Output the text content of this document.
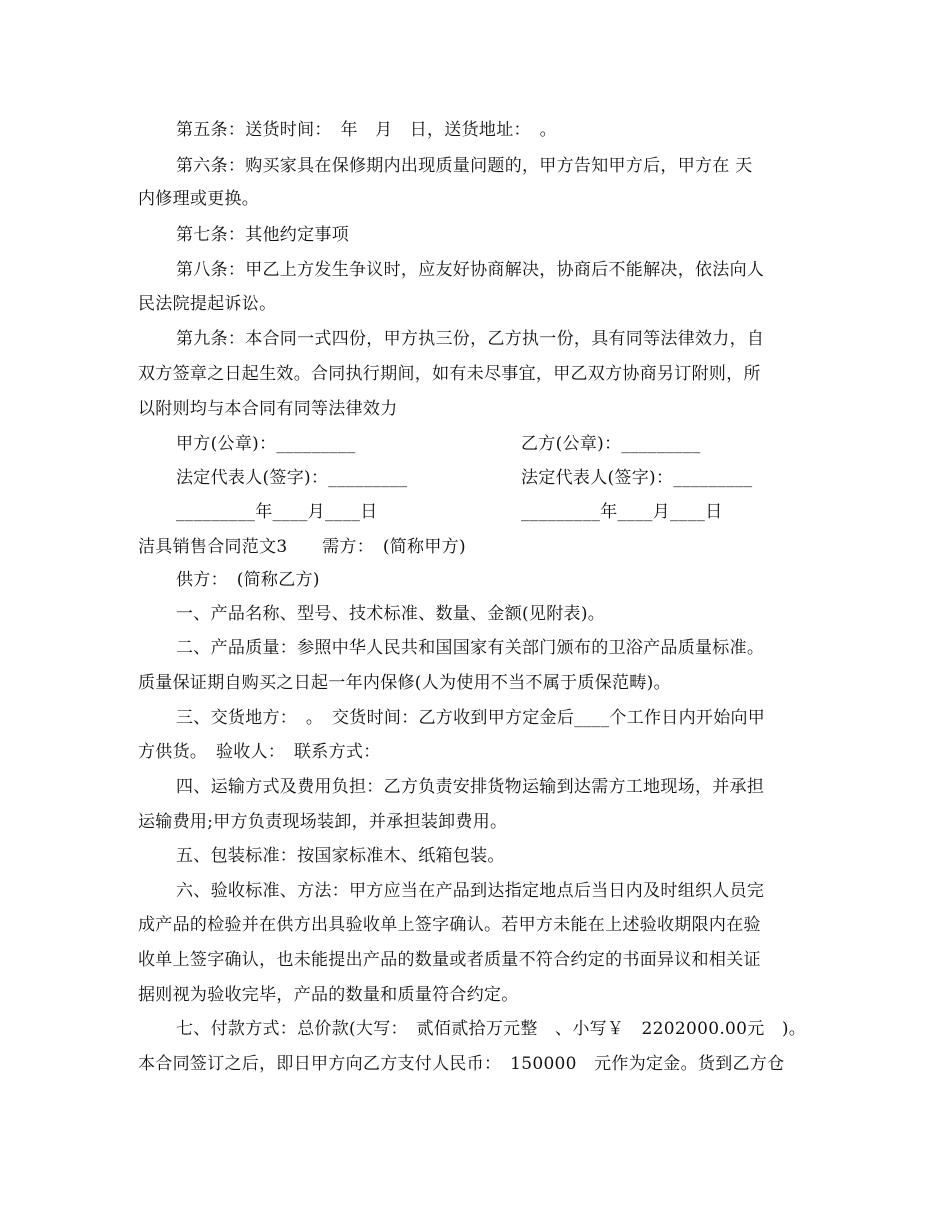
第五条：送货时间：　年　月　日，送货地址：　。
第六条：购买家具在保修期内出现质量问题的，甲方告知甲方后，甲方在 天
内修理或更换。
第七条：其他约定事项
第八条：甲乙上方发生争议时，应友好协商解决，协商后不能解决，依法向人
民法院提起诉讼。
第九条：本合同一式四份，甲方执三份，乙方执一份，具有同等法律效力，自
双方签章之日起生效。合同执行期间，如有未尽事宜，甲乙双方协商另订附则，所
以附则均与本合同有同等法律效力
甲方(公章)：_________	乙方(公章)：_________
法定代表人(签字)：_________	法定代表人(签字)：_________
_________年____月____日	_________年____月____日
洁具销售合同范文3　　需方：　(简称甲方)
供方：　(简称乙方)
一、产品名称、型号、技术标准、数量、金额(见附表)。
二、产品质量：参照中华人民共和国国家有关部门颁布的卫浴产品质量标准。
质量保证期自购买之日起一年内保修(人为使用不当不属于质保范畴)。
三、交货地方：　。　交货时间：乙方收到甲方定金后____个工作日内开始向甲
方供货。　验收人：　联系方式：
四、运输方式及费用负担：乙方负责安排货物运输到达需方工地现场，并承担
运输费用;甲方负责现场装卸，并承担装卸费用。
五、包装标准：按国家标准木、纸箱包装。
六、验收标准、方法：甲方应当在产品到达指定地点后当日内及时组织人员完
成产品的检验并在供方出具验收单上签字确认。若甲方未能在上述验收期限内在验
收单上签字确认，也未能提出产品的数量或者质量不符合约定的书面异议和相关证
据则视为验收完毕，产品的数量和质量符合约定。
七、付款方式：总价款(大写：　贰佰贰拾万元整　、小写￥　2202000.00元　)。
本合同签订之后，即日甲方向乙方支付人民币：　150000　元作为定金。货到乙方仓
